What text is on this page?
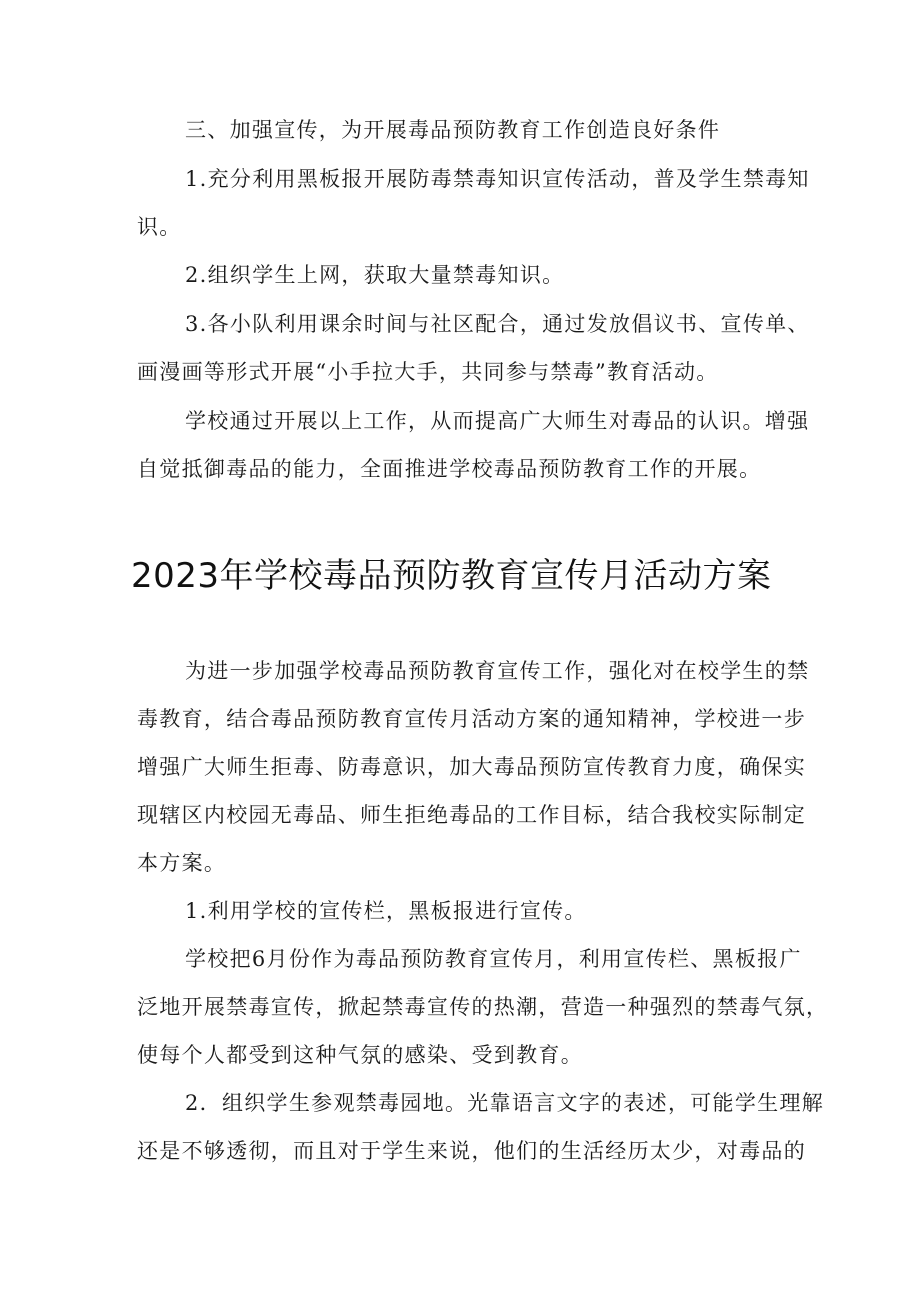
三、加强宣传，为开展毒品预防教育工作创造良好条件
1.充分利用黑板报开展防毒禁毒知识宣传活动，普及学生禁毒知
识。
2.组织学生上网，获取大量禁毒知识。
3.各小队利用课余时间与社区配合，通过发放倡议书、宣传单、
画漫画等形式开展“小手拉大手，共同参与禁毒”教育活动。
学校通过开展以上工作，从而提高广大师生对毒品的认识。增强
自觉抵御毒品的能力，全面推进学校毒品预防教育工作的开展。
2023年学校毒品预防教育宣传月活动方案
为进一步加强学校毒品预防教育宣传工作，强化对在校学生的禁
毒教育，结合毒品预防教育宣传月活动方案的通知精神，学校进一步
增强广大师生拒毒、防毒意识，加大毒品预防宣传教育力度，确保实
现辖区内校园无毒品、师生拒绝毒品的工作目标，结合我校实际制定
本方案。
1.利用学校的宣传栏，黑板报进行宣传。
学校把6月份作为毒品预防教育宣传月，利用宣传栏、黑板报广
泛地开展禁毒宣传，掀起禁毒宣传的热潮，营造一种强烈的禁毒气氛，
使每个人都受到这种气氛的感染、受到教育。
2．组织学生参观禁毒园地。光靠语言文字的表述，可能学生理解
还是不够透彻，而且对于学生来说，他们的生活经历太少，对毒品的
